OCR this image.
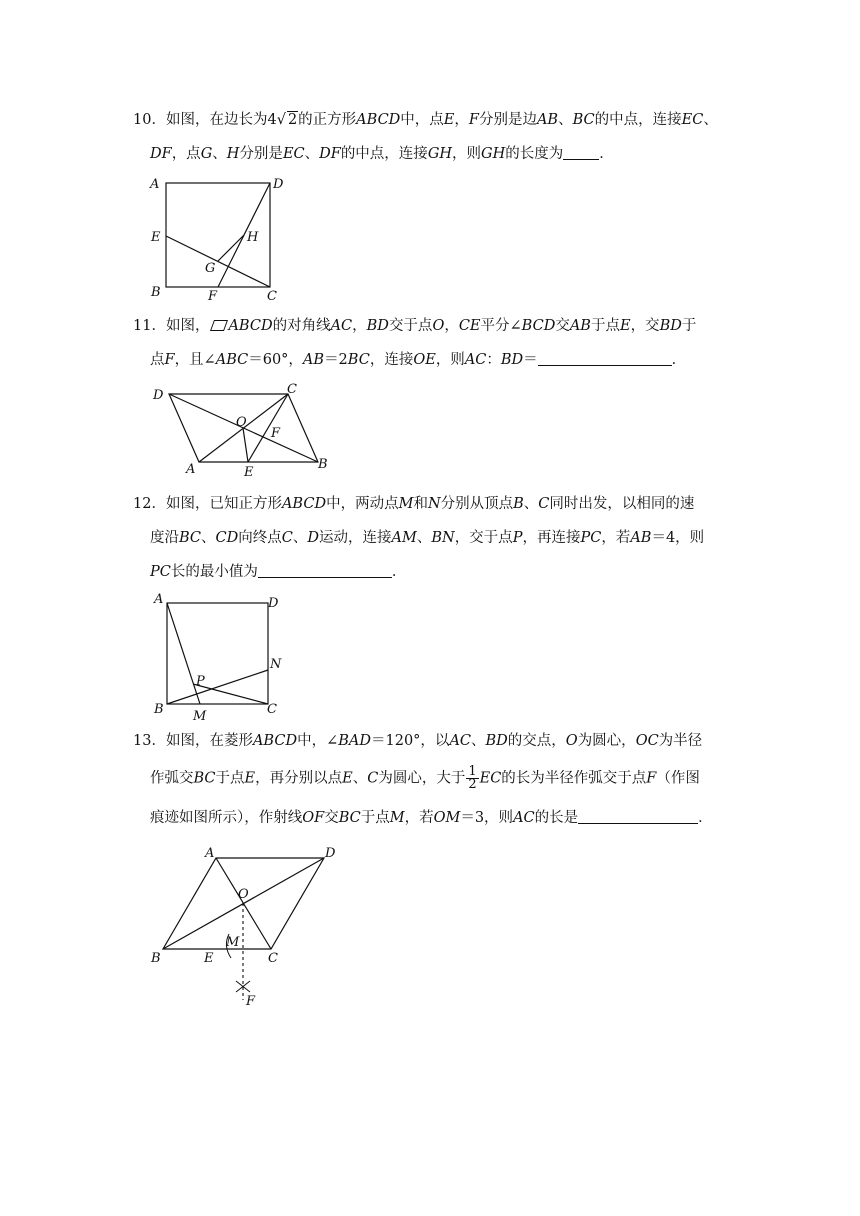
10．如图，在边长为4√ 2的正方形ABCD中，点E，F分别是边AB、BC的中点，连接EC、
DF，点G、H分别是EC、DF的中点，连接GH，则GH的长度为 ．
A	D
E	H
G
B	F	C
11．如图， ABCD的对角线AC，BD交于点O，CE平分∠BCD交AB于点E，交BD于
点F，且∠ABC＝60°，AB＝2BC，连接OE，则AC：BD＝	．
D	C
O
F
A	E
B
12．如图，已知正方形ABCD中，两动点M和N分别从顶点B、C同时出发，以相同的速
度沿BC、CD向终点C、D运动，连接AM、BN，交于点P，再连接PC，若AB＝4，则
PC长的最小值为	．
A	D
N
P
B M	C
13．如图，在菱形ABCD中，∠BAD＝120°，以AC、BD的交点，O为圆心，OC为半径
作弧交BC于点E，再分别以点E、C为圆心，大于 $\frac{1}{2}$ EC的长为半径作弧交于点F（作图
痕迹如图所示），作射线OF交BC于点M，若OM＝3，则AC的长是	．
A	D
O
M
B	E	C
F
